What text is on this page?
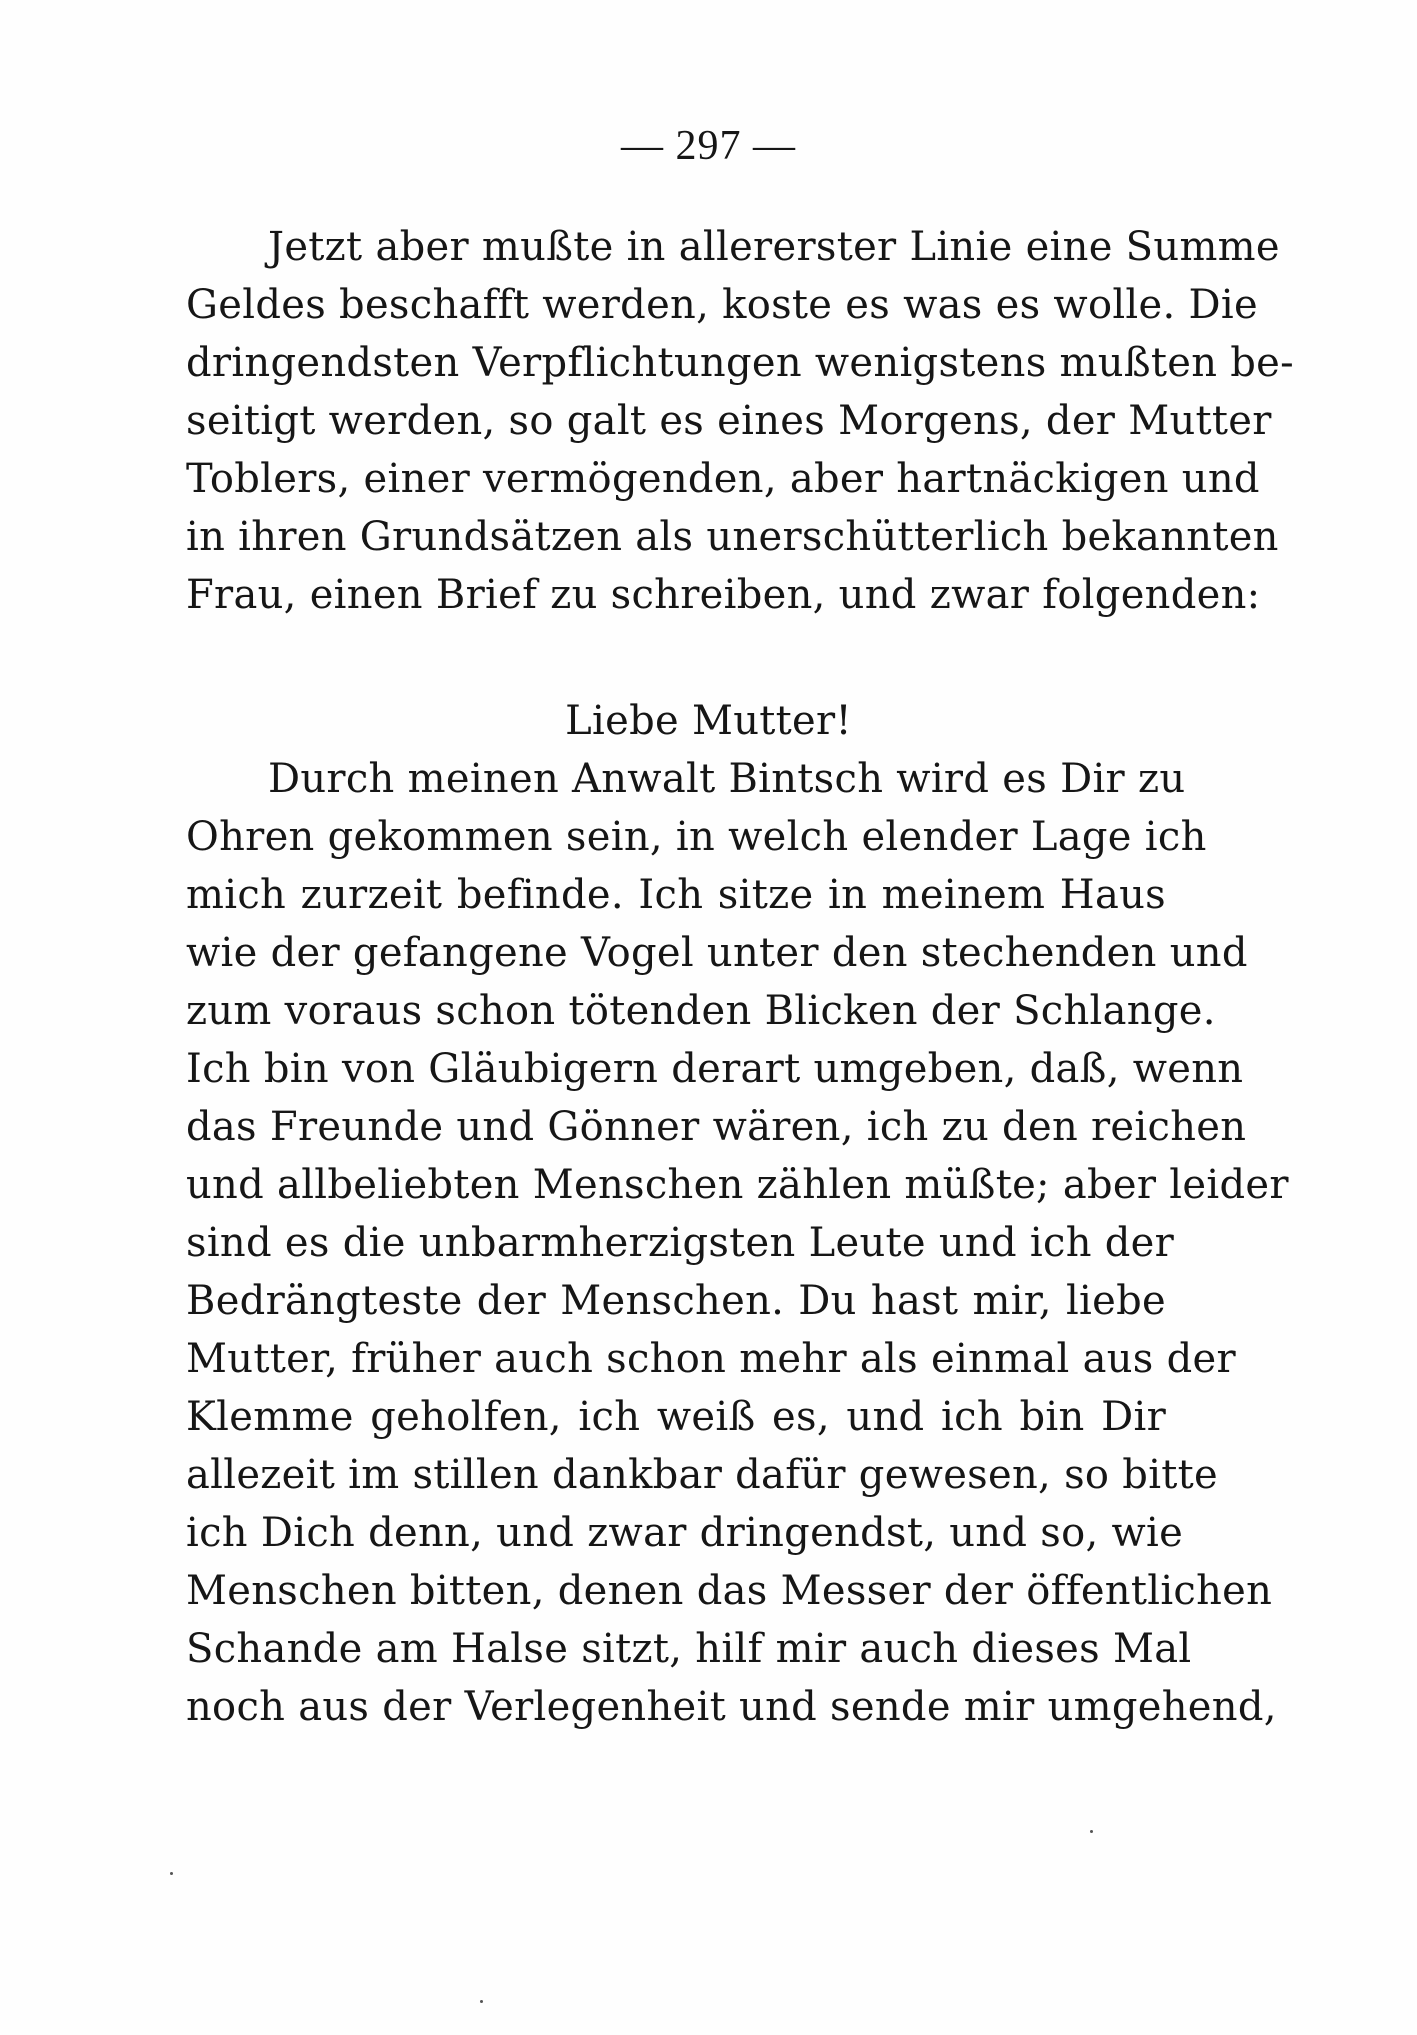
— 297 —
Jetzt aber mußte in allererster Linie eine Summe
Geldes beschafft werden, koste es was es wolle. Die
dringendsten Verpflichtungen wenigstens mußten be-
seitigt werden, so galt es eines Morgens, der Mutter
Toblers, einer vermögenden, aber hartnäckigen und
in ihren Grundsätzen als unerschütterlich bekannten
Frau, einen Brief zu schreiben, und zwar folgenden:
Liebe Mutter!
Durch meinen Anwalt Bintsch wird es Dir zu
Ohren gekommen sein, in welch elender Lage ich
mich zurzeit befinde. Ich sitze in meinem Haus
wie der gefangene Vogel unter den stechenden und
zum voraus schon tötenden Blicken der Schlange.
Ich bin von Gläubigern derart umgeben, daß, wenn
das Freunde und Gönner wären, ich zu den reichen
und allbeliebten Menschen zählen müßte; aber leider
sind es die unbarmherzigsten Leute und ich der
Bedrängteste der Menschen. Du hast mir, liebe
Mutter, früher auch schon mehr als einmal aus der
Klemme geholfen, ich weiß es, und ich bin Dir
allezeit im stillen dankbar dafür gewesen, so bitte
ich Dich denn, und zwar dringendst, und so, wie
Menschen bitten, denen das Messer der öffentlichen
Schande am Halse sitzt, hilf mir auch dieses Mal
noch aus der Verlegenheit und sende mir umgehend,
